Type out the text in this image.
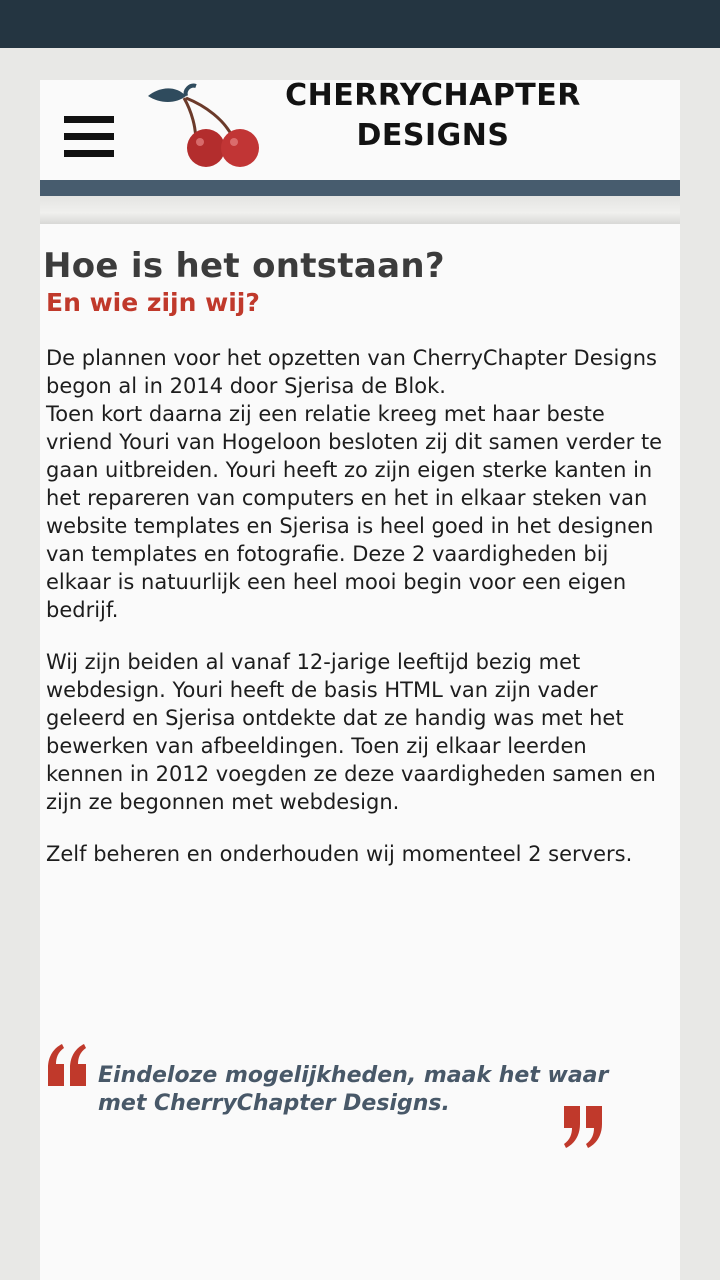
CHERRYCHAPTER
DESIGNS
Hoe is het ontstaan?
En wie zijn wij?
De plannen voor het opzetten van CherryChapter Designs begon al in 2014 door Sjerisa de Blok.
Toen kort daarna zij een relatie kreeg met haar beste vriend Youri van Hogeloon besloten zij dit samen verder te gaan uitbreiden. Youri heeft zo zijn eigen sterke kanten in het repareren van computers en het in elkaar steken van website templates en Sjerisa is heel goed in het designen van templates en fotografie. Deze 2 vaardigheden bij elkaar is natuurlijk een heel mooi begin voor een eigen bedrijf.
Wij zijn beiden al vanaf 12-jarige leeftijd bezig met webdesign. Youri heeft de basis HTML van zijn vader geleerd en Sjerisa ontdekte dat ze handig was met het bewerken van afbeeldingen. Toen zij elkaar leerden kennen in 2012 voegden ze deze vaardigheden samen en zijn ze begonnen met webdesign.
Zelf beheren en onderhouden wij momenteel 2 servers.
Eindeloze mogelijkheden, maak het waar met CherryChapter Designs.
